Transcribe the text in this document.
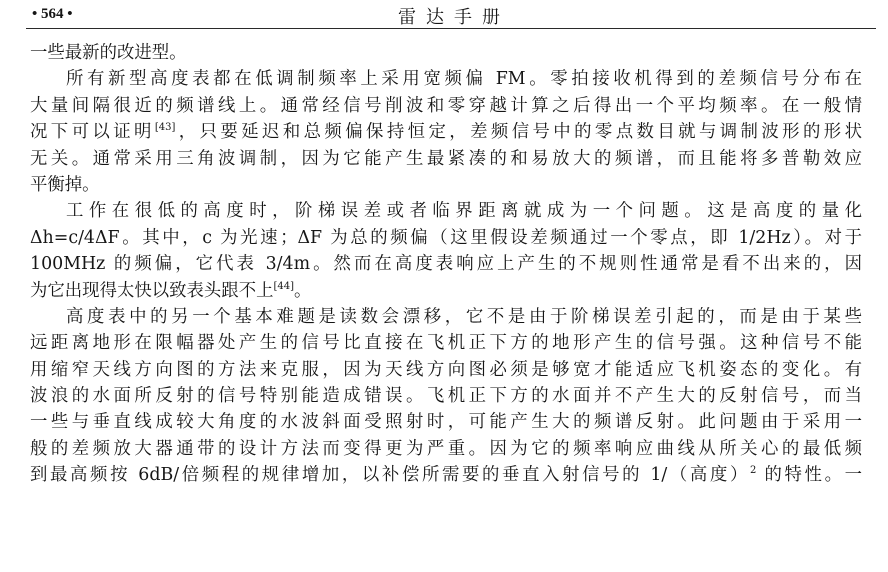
• 564 •	雷达手册
一些最新的改进型。
所有新型高度表都在低调制频率上采用宽频偏 FM。零拍接收机得到的差频信号分布在
大量间隔很近的频谱线上。通常经信号削波和零穿越计算之后得出一个平均频率。在一般情
况下可以证明[43]，只要延迟和总频偏保持恒定，差频信号中的零点数目就与调制波形的形状
无关。通常采用三角波调制，因为它能产生最紧凑的和易放大的频谱，而且能将多普勒效应
平衡掉。
工作在很低的高度时，阶梯误差或者临界距离就成为一个问题。这是高度的量化
Δh=c/4ΔF。其中，c 为光速；ΔF 为总的频偏（这里假设差频通过一个零点，即 1/2Hz）。对于
100MHz 的频偏，它代表 3/4m。然而在高度表响应上产生的不规则性通常是看不出来的，因
为它出现得太快以致表头跟不上[44]。
高度表中的另一个基本难题是读数会漂移，它不是由于阶梯误差引起的，而是由于某些
远距离地形在限幅器处产生的信号比直接在飞机正下方的地形产生的信号强。这种信号不能
用缩窄天线方向图的方法来克服，因为天线方向图必须是够宽才能适应飞机姿态的变化。有
波浪的水面所反射的信号特别能造成错误。飞机正下方的水面并不产生大的反射信号，而当
一些与垂直线成较大角度的水波斜面受照射时，可能产生大的频谱反射。此问题由于采用一
般的差频放大器通带的设计方法而变得更为严重。因为它的频率响应曲线从所关心的最低频
到最高频按 6dB/倍频程的规律增加，以补偿所需要的垂直入射信号的 1/（高度）$^2$ 的特性。一
